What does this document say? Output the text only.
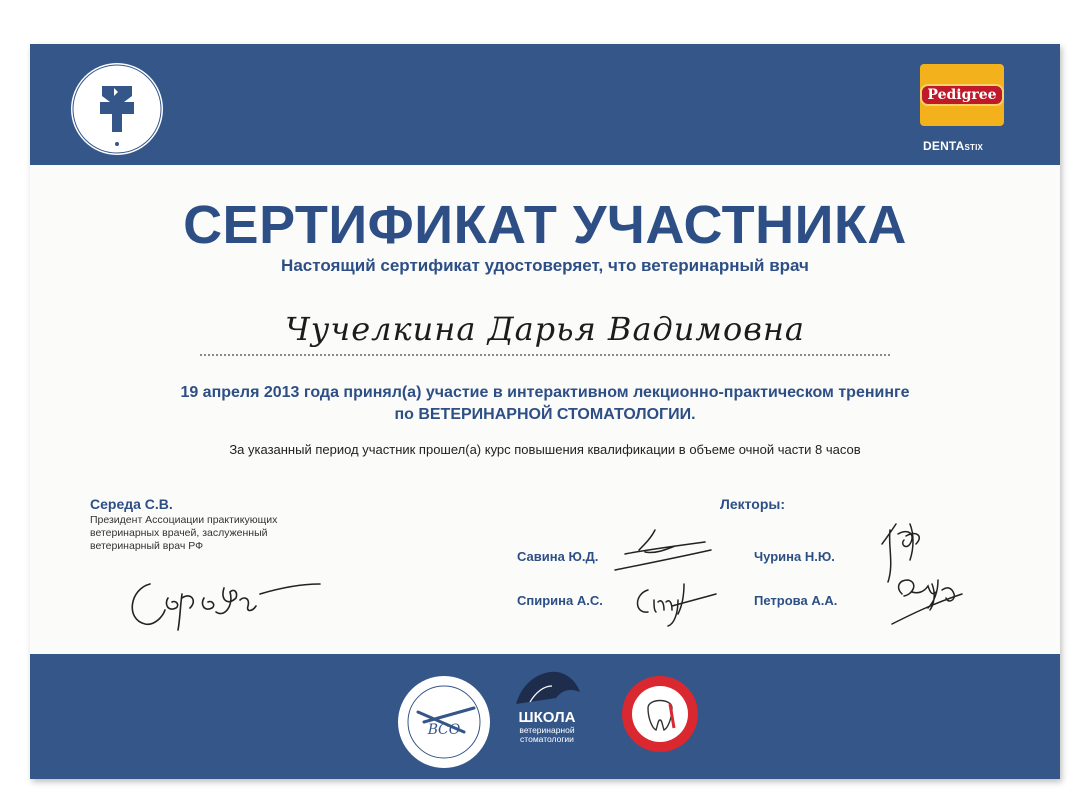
Pedigree
DENTASTIX
СЕРТИФИКАТ УЧАСТНИКА
Настоящий сертификат удостоверяет, что ветеринарный врач
Чучелкина Дарья Вадимовна
19 апреля 2013 года принял(а) участие в интерактивном лекционно-практическом тренинге
по ВЕТЕРИНАРНОЙ СТОМАТОЛОГИИ.
За указанный период участник прошел(а) курс повышения квалификации в объеме очной части 8 часов
Середа С.В.
Президент Ассоциации практикующих ветеринарных врачей, заслуженный ветеринарный врач РФ
Лекторы:
Савина Ю.Д.	Чурина Н.Ю.
Спирина А.С.	Петрова А.А.
ВСО
ШКОЛА
ветеринарной стоматологии
